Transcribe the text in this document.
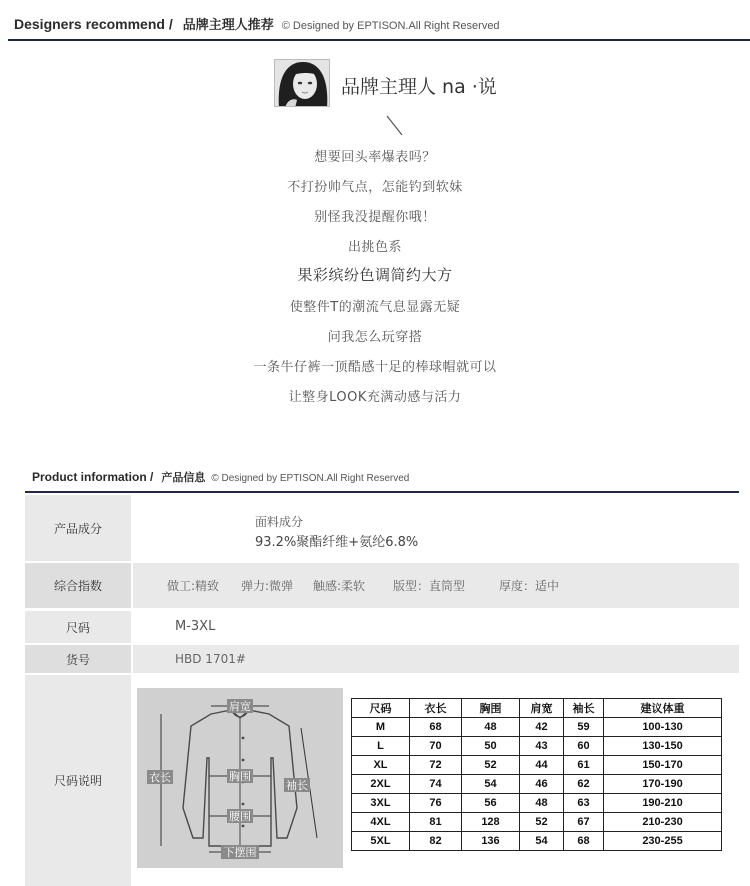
Designers recommend / 品牌主理人推荐 © Designed by EPTISON.All Right Reserved
品牌主理人 na ·说
想要回头率爆表吗？
不打扮帅气点，怎能钓到软妹
别怪我没提醒你哦！
出挑色系
果彩缤纷色调简约大方
使整件T的潮流气息显露无疑
问我怎么玩穿搭
一条牛仔裤一顶酷感十足的棒球帽就可以
让整身LOOK充满动感与活力
Product information / 产品信息 © Designed by EPTISON.All Right Reserved
产品成分	面料成分
93.2%聚酯纤维+氨纶6.8%
综合指数	做工:精致 弹力:微弹 触感:柔软 版型：直筒型	厚度：适中
尺码	M-3XL
货号	HBD 1701#
尺码说明
肩宽
胸围
衣长
袖长
腰围
下摆围
尺码	衣长	胸围	肩宽	袖长	建议体重
M	68	48	42	59	100-130
L	70	50	43	60	130-150
XL	72	52	44	61	150-170
2XL	74	54	46	62	170-190
3XL	76	56	48	63	190-210
4XL	81	128	52	67	210-230
5XL	82	136	54	68	230-255
